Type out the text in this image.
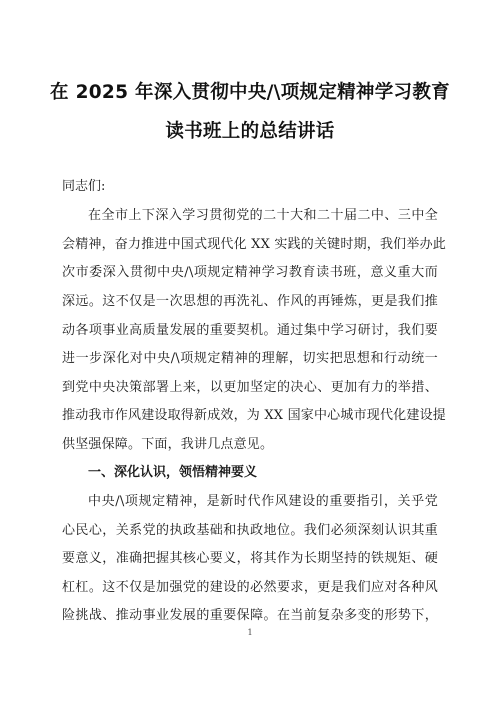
在 2025 年深入贯彻中央/\项规定精神学习教育
读书班上的总结讲话
同志们:
在全市上下深入学习贯彻党的二十大和二十届二中、三中全
会精神，奋力推进中国式现代化 XX 实践的关键时期，我们举办此
次市委深入贯彻中央/\项规定精神学习教育读书班，意义重大而
深远。这不仅是一次思想的再洗礼、作风的再锤炼，更是我们推
动各项事业高质量发展的重要契机。通过集中学习研讨，我们要
进一步深化对中央/\项规定精神的理解，切实把思想和行动统一
到党中央决策部署上来，以更加坚定的决心、更加有力的举措、
推动我市作风建设取得新成效，为 XX 国家中心城市现代化建设提
供坚强保障。下面，我讲几点意见。
一、深化认识，领悟精神要义
中央/\项规定精神，是新时代作风建设的重要指引，关乎党
心民心，关系党的执政基础和执政地位。我们必须深刻认识其重
要意义，准确把握其核心要义，将其作为长期坚持的铁规矩、硬
杠杠。这不仅是加强党的建设的必然要求，更是我们应对各种风
险挑战、推动事业发展的重要保障。在当前复杂多变的形势下，
1
